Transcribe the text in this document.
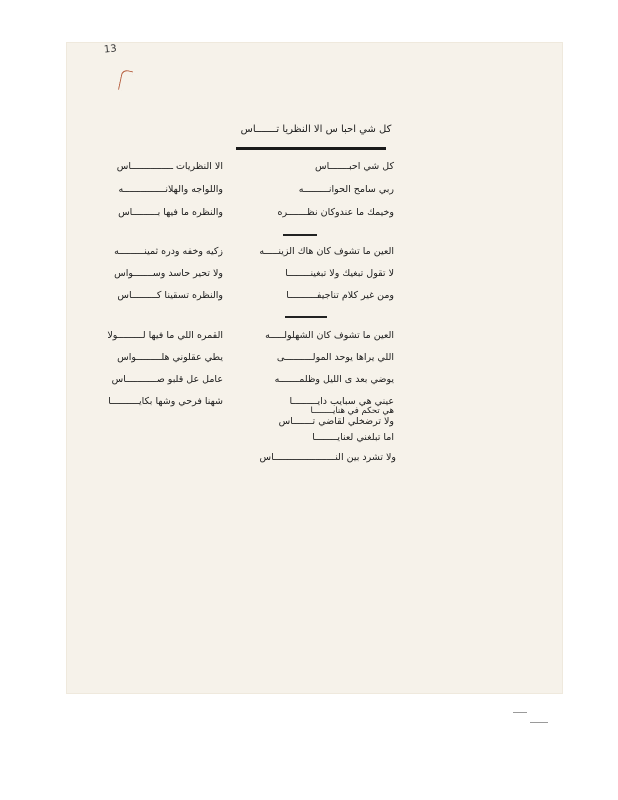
13
كل شي احبا س الا النظريا تـــــــاس
كل شي احبـــــــاس
الا النظريات ـــــــــــــــاس
ربي سامح الحوانـــــــــه
واللواجه والهلانـــــــــــــــه
وخيمك ما عندوكان نظـــــــره
والنظره ما فيها بـــــــــاس
العين ما تشوف كان هاك الزينـــــه
زكيه وخفه ودره ثمينـــــــــه
لا تقول تبغيك ولا تبغينــــــــا
ولا تحير حاسد وســـــــواس
ومن غير كلام تناجيفــــــــــا
والنظره تسقينا كـــــــــاس
العين ما تشوف كان الشهلولـــــه
القمره اللي ما فيها لـــــــــولا
اللي يراها يوحد المولــــــــــى
يطي عقلوني هلـــــــــواس
يوضي بعد ى الليل وظلمـــــــه
عامل عل قلبو صـــــــــــاس
عيني هي سبايب دايـــــــــا
شهنا فرحي وشها بكايــــــــــا
هي تحكم في هنايــــــــا
ولا ترضخلي لقاضي تـــــــاس
اما تبلغني لعنايــــــــا
ولا تشرد بين النــــــــــــــــــــــاس
